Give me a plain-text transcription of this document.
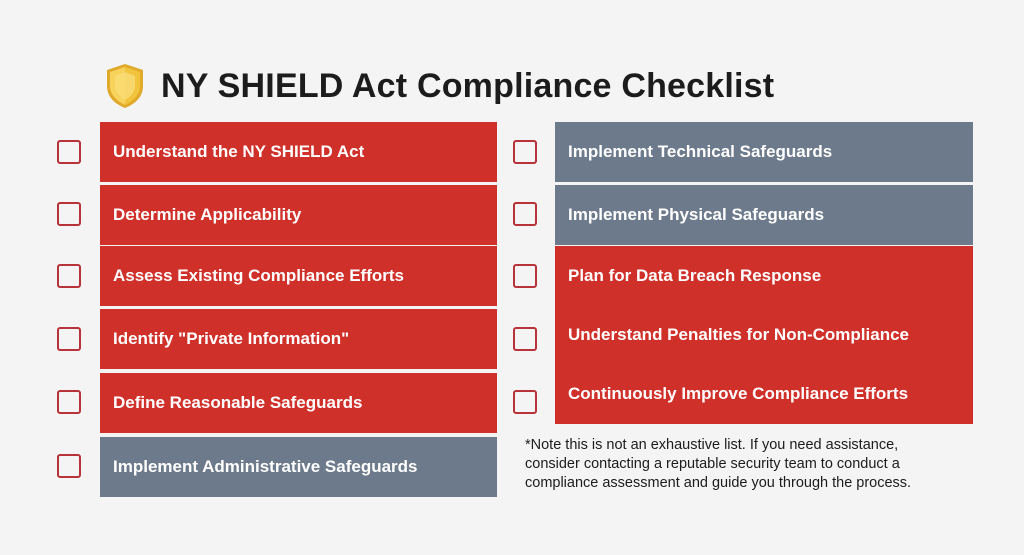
NY SHIELD Act Compliance Checklist
Understand the NY SHIELD Act
Determine Applicability
Assess Existing Compliance Efforts
Identify "Private Information"
Define Reasonable Safeguards
Implement Administrative Safeguards
Implement Technical Safeguards
Implement Physical Safeguards
Plan for Data Breach Response
Understand Penalties for Non-Compliance
Continuously Improve Compliance Efforts
*Note this is not an exhaustive list. If you need assistance, consider contacting a reputable security team to conduct a compliance assessment and guide you through the process.
